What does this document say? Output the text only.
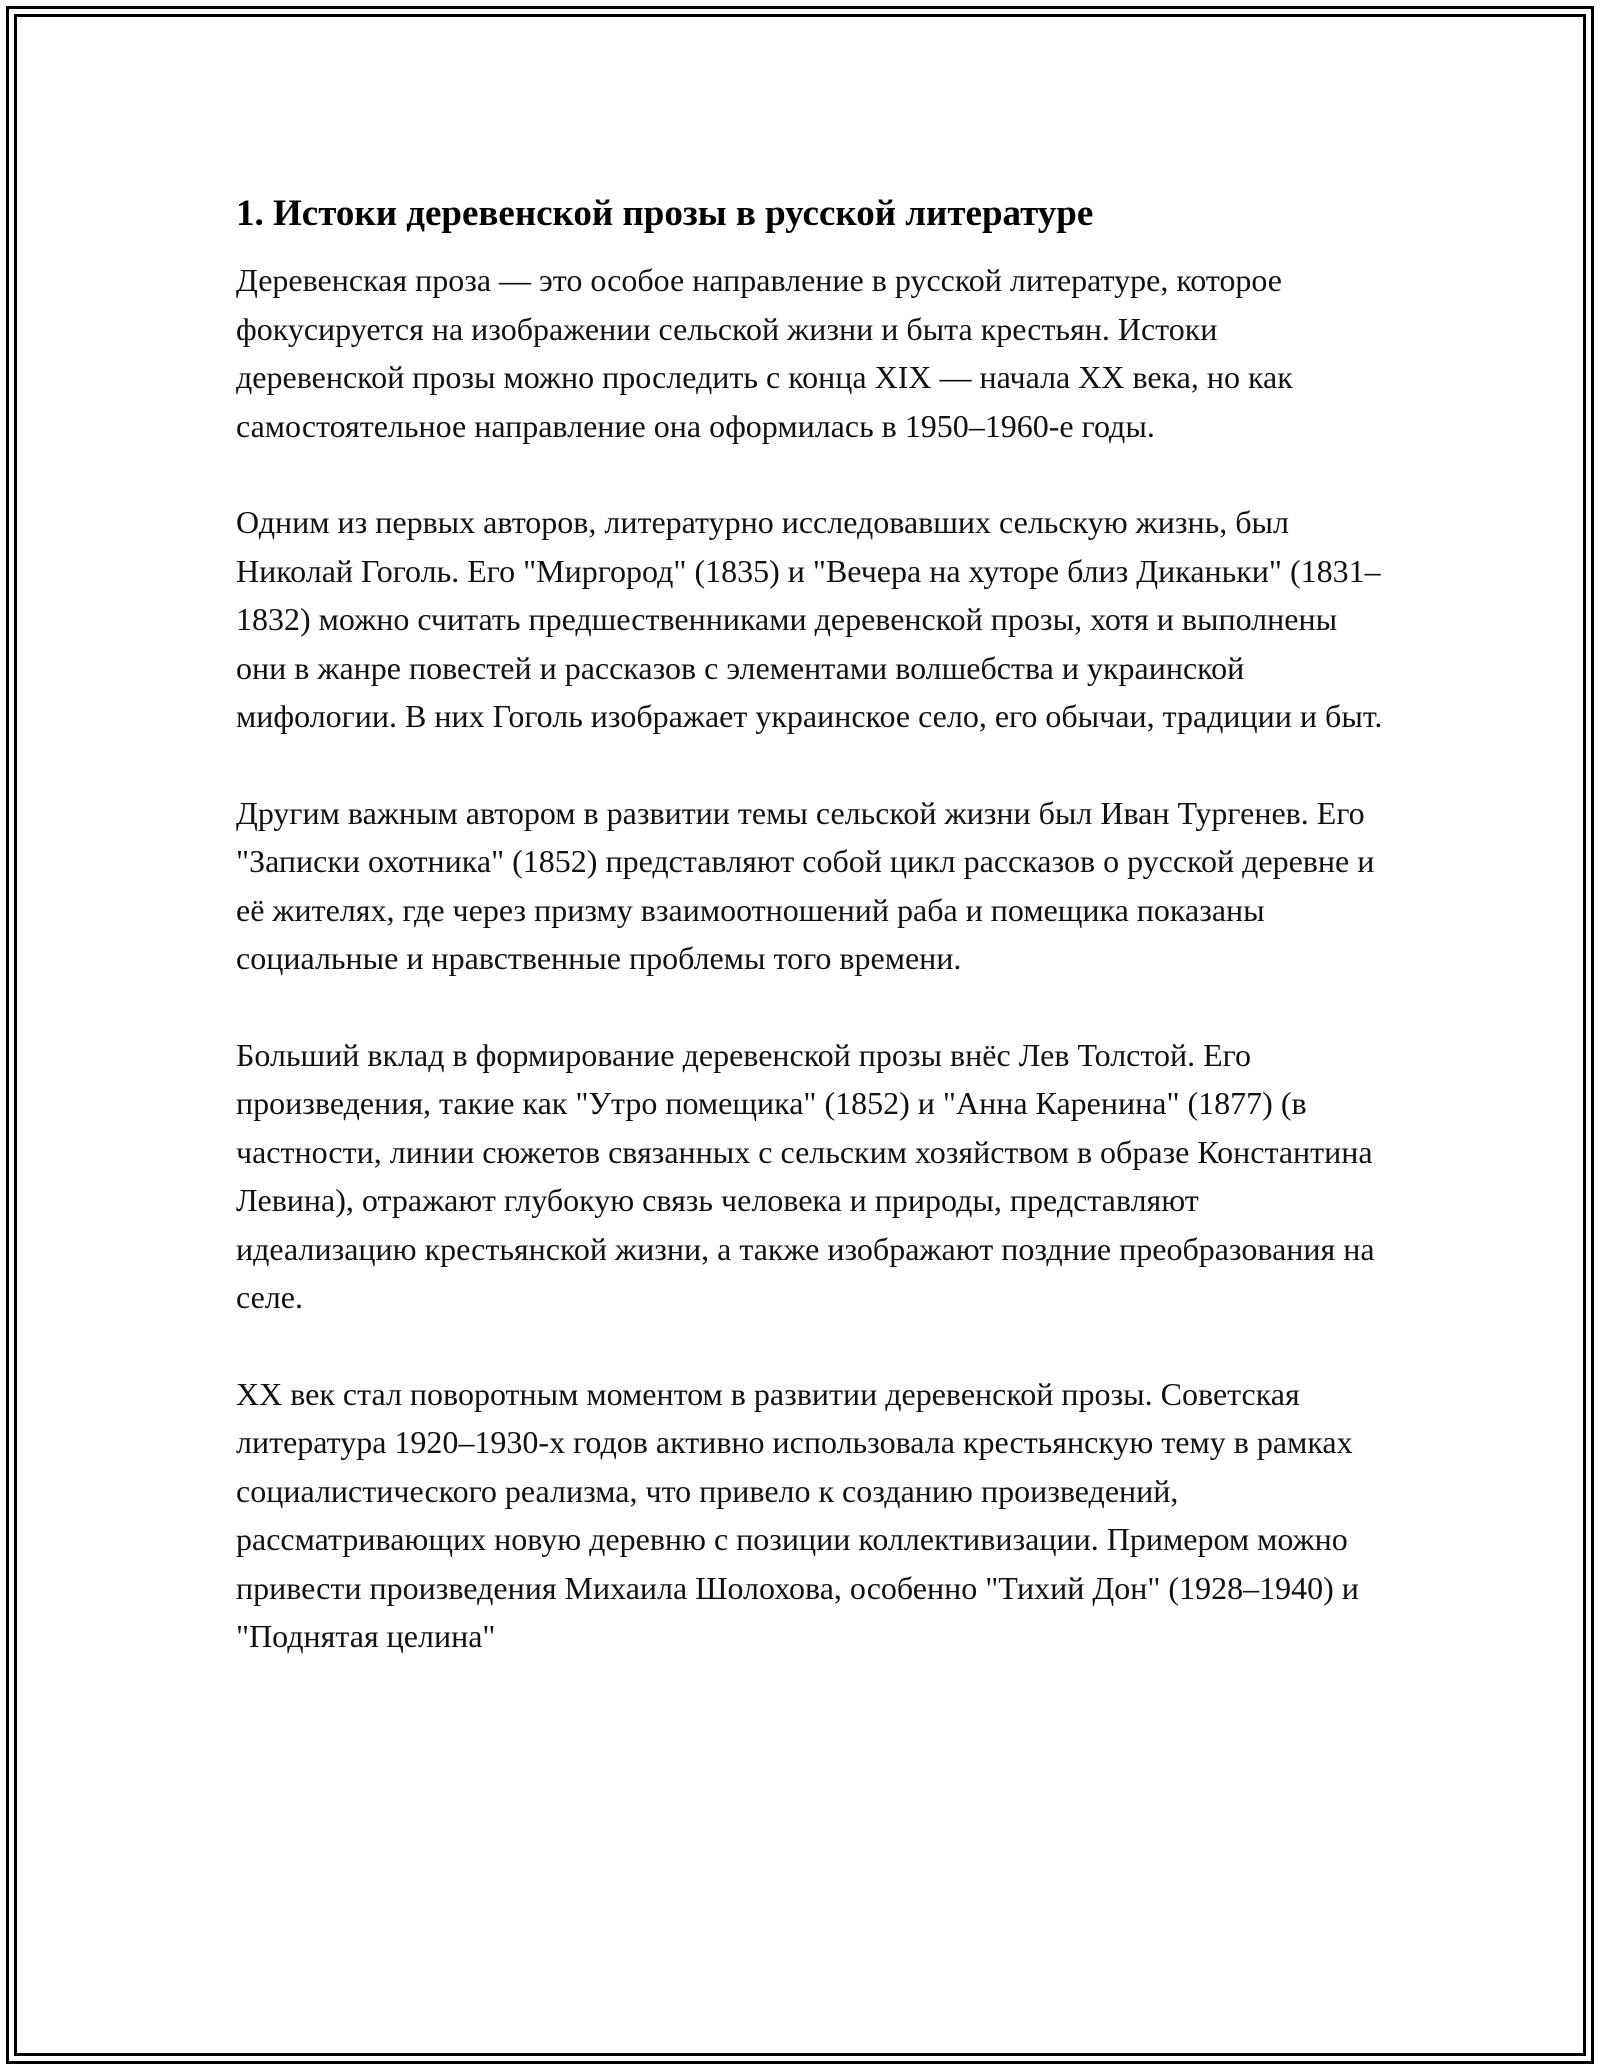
1. Истоки деревенской прозы в русской литературе

Деревенская проза — это особое направление в русской литературе, которое фокусируется на изображении сельской жизни и быта крестьян. Истоки деревенской прозы можно проследить с конца XIX — начала XX века, но как самостоятельное направление она оформилась в 1950–1960-е годы.

Одним из первых авторов, литературно исследовавших сельскую жизнь, был Николай Гоголь. Его "Миргород" (1835) и "Вечера на хуторе близ Диканьки" (1831–1832) можно считать предшественниками деревенской прозы, хотя и выполнены они в жанре повестей и рассказов с элементами волшебства и украинской мифологии. В них Гоголь изображает украинское село, его обычаи, традиции и быт.

Другим важным автором в развитии темы сельской жизни был Иван Тургенев. Его "Записки охотника" (1852) представляют собой цикл рассказов о русской деревне и её жителях, где через призму взаимоотношений раба и помещика показаны социальные и нравственные проблемы того времени.

Больший вклад в формирование деревенской прозы внёс Лев Толстой. Его произведения, такие как "Утро помещика" (1852) и "Анна Каренина" (1877) (в частности, линии сюжетов связанных с сельским хозяйством в образе Константина Левина), отражают глубокую связь человека и природы, представляют идеализацию крестьянской жизни, а также изображают поздние преобразования на селе.

XX век стал поворотным моментом в развитии деревенской прозы. Советская литература 1920–1930-х годов активно использовала крестьянскую тему в рамках социалистического реализма, что привело к созданию произведений, рассматривающих новую деревню с позиции коллективизации. Примером можно привести произведения Михаила Шолохова, особенно "Тихий Дон" (1928–1940) и "Поднятая целина"
